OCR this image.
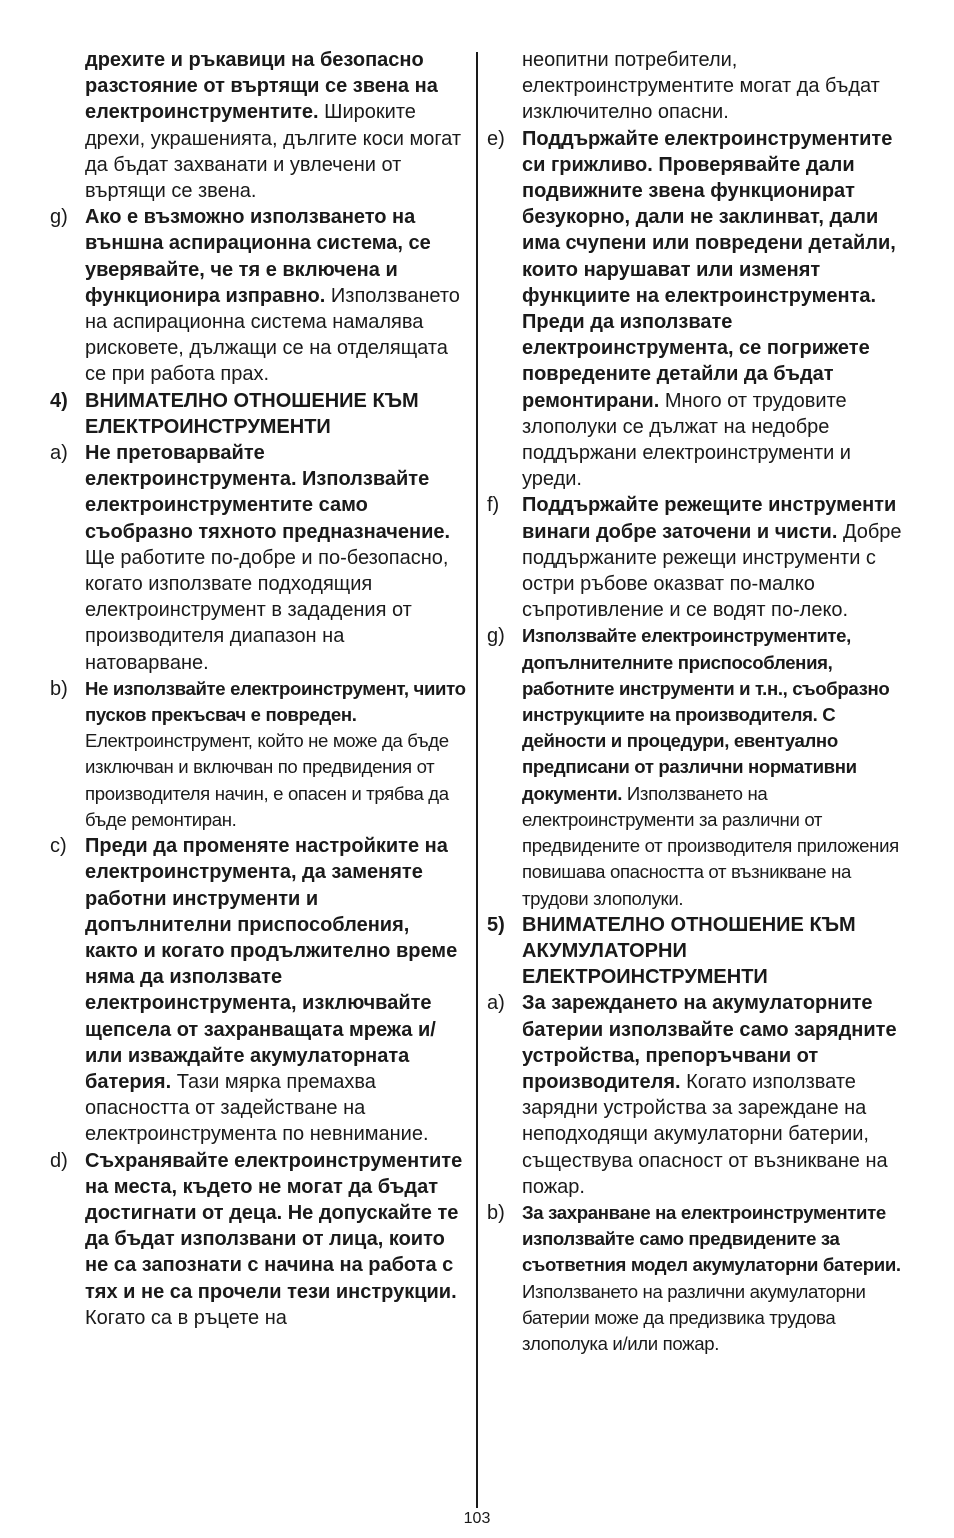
дрехите и ръкавици на безопасно разстояние от въртящи се звена на електроинструментите. Широките дрехи, украшенията, дългите коси могат да бъдат захванати и увлечени от въртящи се звена.
g) Ако е възможно използването на външна аспирационна система, се уверявайте, че тя е включена и функционира изправно. Използването на аспирационна система намалява рисковете, дължащи се на отделящата се при работа прах.
4) ВНИМАТЕЛНО ОТНОШЕНИЕ КЪМ ЕЛЕКТРОИНСТРУМЕНТИ
a) Не претоварвайте електроинструмента. Използвайте електроинструментите само съобразно тяхното предназначение. Ще работите по-добре и по-безопасно, когато използвате подходящия електроинструмент в зададения от производителя диапазон на натоварване.
b) Не използвайте електроинструмент, чиито пусков прекъсвач е повреден. Електроинструмент, който не може да бъде изключван и включван по предвидения от производителя начин, е опасен и трябва да бъде ремонтиран.
c) Преди да променяте настройките на електроинструмента, да заменяте работни инструменти и допълнителни приспособления, както и когато продължително време няма да използвате електроинструмента, изключвайте щепсела от захранващата мрежа и/или изваждайте акумулаторната батерия. Тази мярка премахва опасността от задействане на електроинструмента по невнимание.
d) Съхранявайте електроинструментите на места, където не могат да бъдат достигнати от деца. Не допускайте те да бъдат използвани от лица, които не са запознати с начина на работа с тях и не са прочели тези инструкции. Когато са в ръцете на
неопитни потребители, електроинструментите могат да бъдат изключително опасни.
e) Поддържайте електроинструментите си грижливо. Проверявайте дали подвижните звена функционират безукорно, дали не заклинват, дали има счупени или повредени детайли, които нарушават или изменят функциите на електроинструмента. Преди да използвате електроинструмента, се погрижете повредените детайли да бъдат ремонтирани. Много от трудовите злополуки се дължат на недобре поддържани електроинструменти и уреди.
f)	Поддържайте режещите инструменти винаги добре заточени и чисти. Добре поддържаните режещи инструменти с остри ръбове оказват по-малко съпротивление и се водят по-леко.
g) Използвайте електроинструментите, допълнителните приспособления, работните инструменти и т.н., съобразно инструкциите на производителя. С дейности и процедури, евентуално предписани от различни нормативни документи. Използването на електроинструменти за различни от предвидените от производителя приложения повишава опасността от възникване на трудови злополуки.
5) ВНИМАТЕЛНО ОТНОШЕНИЕ КЪМ АКУМУЛАТОРНИ ЕЛЕКТРОИНСТРУМЕНТИ
a) За зареждането на акумулаторните батерии използвайте само зарядните устройства, препоръчвани от производителя. Когато използвате зарядни устройства за зареждане на неподходящи акумулаторни батерии, съществува опасност от възникване на пожар.
b) За захранване на електроинструментите използвайте само предвидените за съответния модел акумулаторни батерии. Използването на различни акумулаторни батерии може да предизвика трудова злополука и/или пожар.
103
